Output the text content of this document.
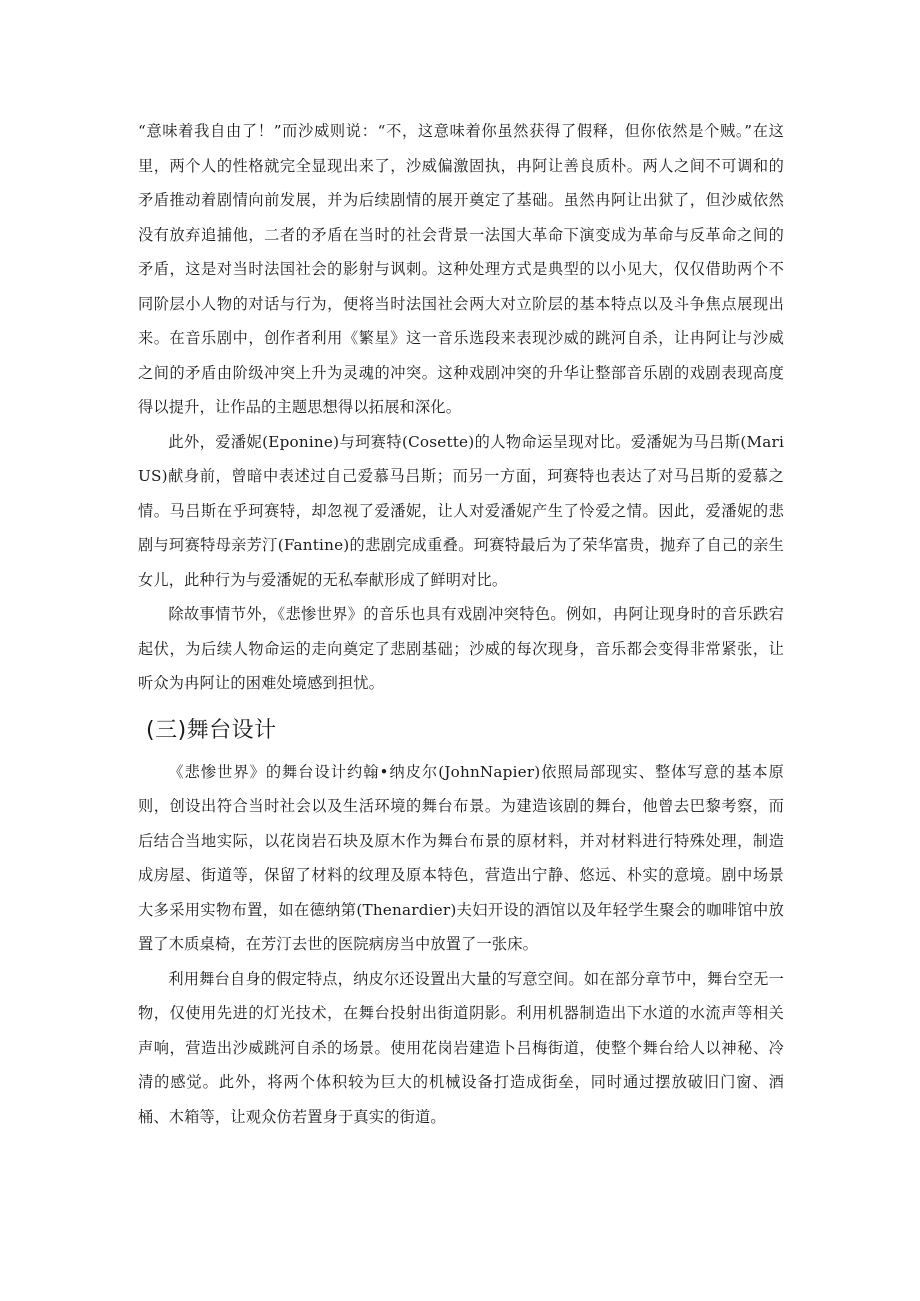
“意味着我自由了！”而沙威则说：“不，这意味着你虽然获得了假释，但你依然是个贼。”在这里，两个人的性格就完全显现出来了，沙威偏激固执，冉阿让善良质朴。两人之间不可调和的矛盾推动着剧情向前发展，并为后续剧情的展开奠定了基础。虽然冉阿让出狱了，但沙威依然没有放弃追捕他，二者的矛盾在当时的社会背景一法国大革命下演变成为革命与反革命之间的矛盾，这是对当时法国社会的影射与讽刺。这种处理方式是典型的以小见大，仅仅借助两个不同阶层小人物的对话与行为，便将当时法国社会两大对立阶层的基本特点以及斗争焦点展现出来。在音乐剧中，创作者利用《繁星》这一音乐选段来表现沙威的跳河自杀，让冉阿让与沙威之间的矛盾由阶级冲突上升为灵魂的冲突。这种戏剧冲突的升华让整部音乐剧的戏剧表现高度得以提升，让作品的主题思想得以拓展和深化。

此外，爱潘妮(Eponine)与珂赛特(Cosette)的人物命运呈现对比。爱潘妮为马吕斯(MariUS)献身前，曾暗中表述过自己爱慕马吕斯；而另一方面，珂赛特也表达了对马吕斯的爱慕之情。马吕斯在乎珂赛特，却忽视了爱潘妮，让人对爱潘妮产生了怜爱之情。因此，爱潘妮的悲剧与珂赛特母亲芳汀(Fantine)的悲剧完成重叠。珂赛特最后为了荣华富贵，抛弃了自己的亲生女儿，此种行为与爱潘妮的无私奉献形成了鲜明对比。

除故事情节外，《悲惨世界》的音乐也具有戏剧冲突特色。例如，冉阿让现身时的音乐跌宕起伏，为后续人物命运的走向奠定了悲剧基础；沙威的每次现身，音乐都会变得非常紧张，让听众为冉阿让的困难处境感到担忧。

(三)舞台设计

《悲惨世界》的舞台设计约翰•纳皮尔(JohnNapier)依照局部现实、整体写意的基本原则，创设出符合当时社会以及生活环境的舞台布景。为建造该剧的舞台，他曾去巴黎考察，而后结合当地实际，以花岗岩石块及原木作为舞台布景的原材料，并对材料进行特殊处理，制造成房屋、街道等，保留了材料的纹理及原本特色，营造出宁静、悠远、朴实的意境。剧中场景大多采用实物布置，如在德纳第(Thenardier)夫妇开设的酒馆以及年轻学生聚会的咖啡馆中放置了木质桌椅，在芳汀去世的医院病房当中放置了一张床。

利用舞台自身的假定特点，纳皮尔还设置出大量的写意空间。如在部分章节中，舞台空无一物，仅使用先进的灯光技术，在舞台投射出街道阴影。利用机器制造出下水道的水流声等相关声响，营造出沙威跳河自杀的场景。使用花岗岩建造卜吕梅街道，使整个舞台给人以神秘、冷清的感觉。此外，将两个体积较为巨大的机械设备打造成街垒，同时通过摆放破旧门窗、酒桶、木箱等，让观众仿若置身于真实的街道。
